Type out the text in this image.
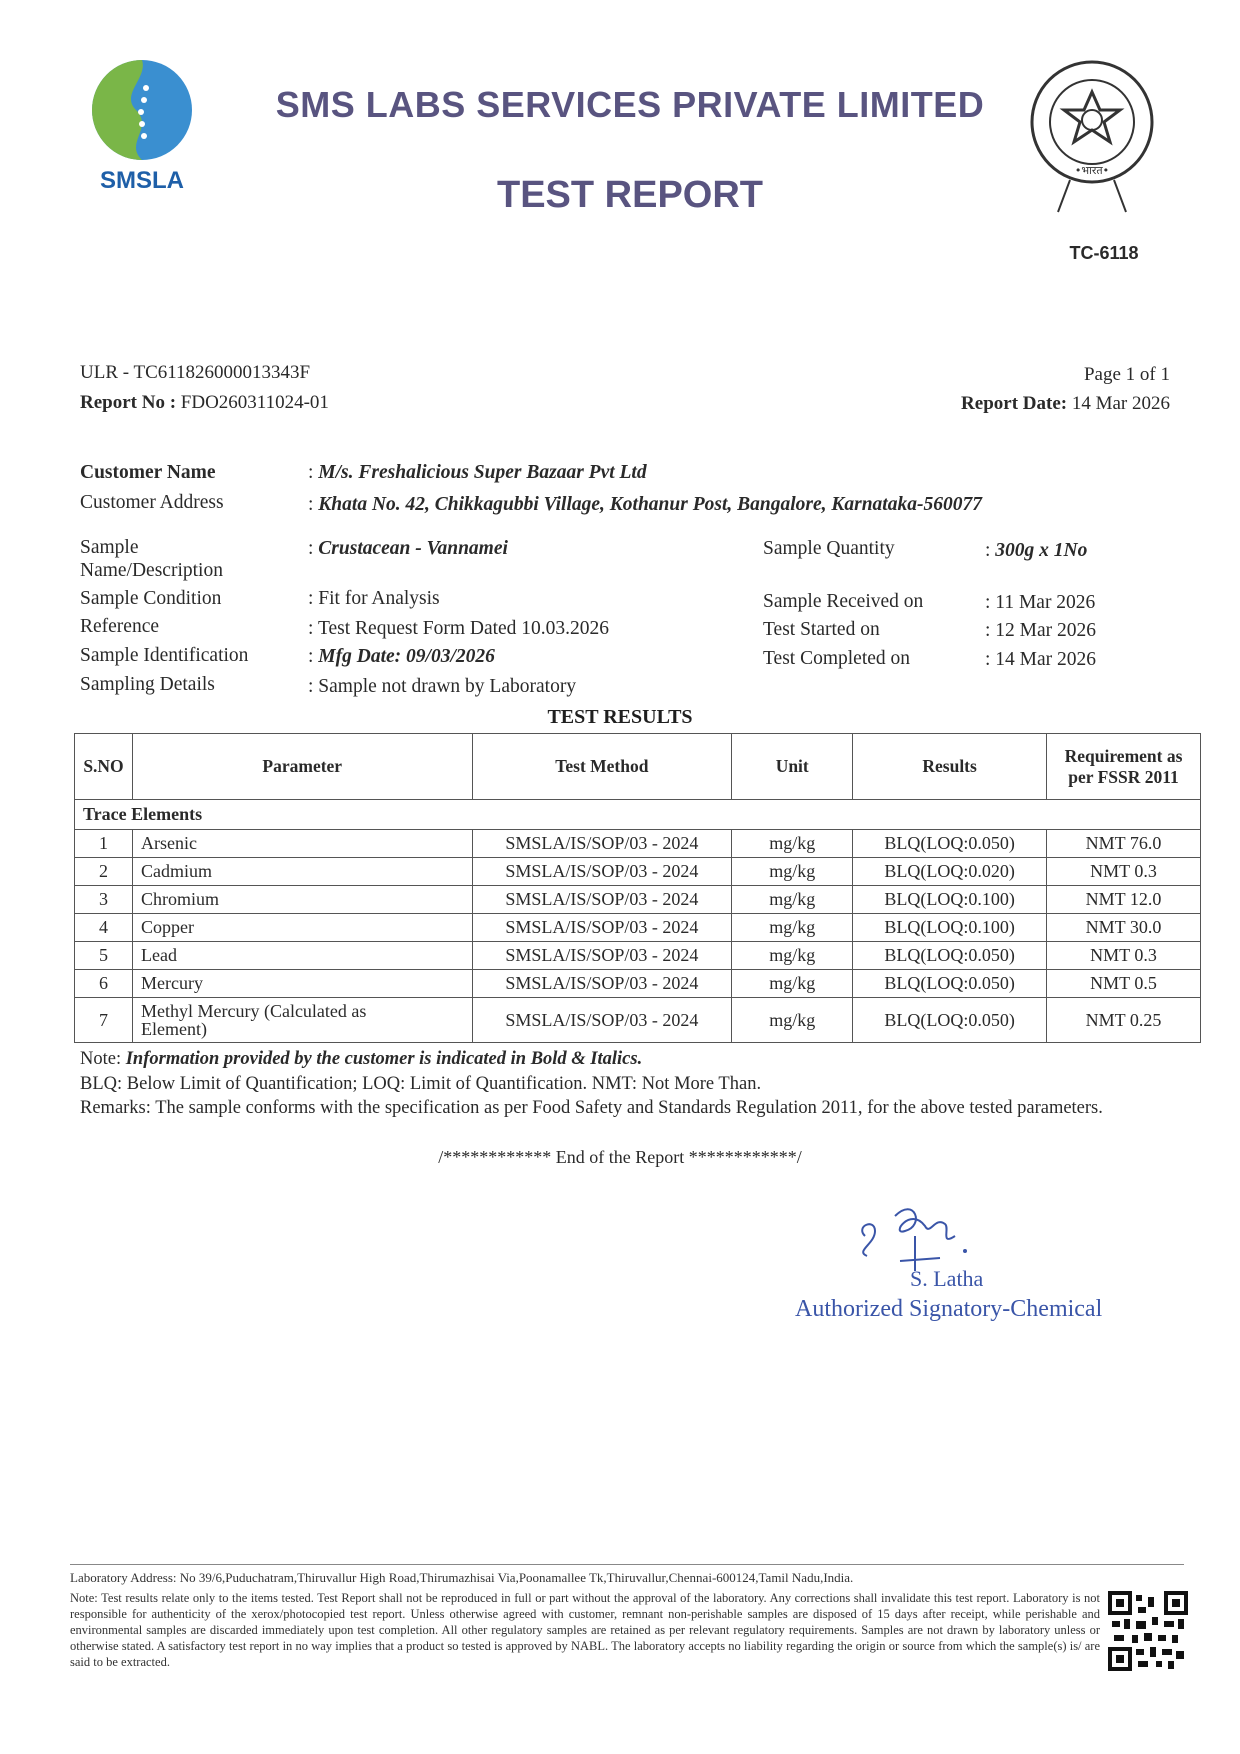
SMSLA
SMS LABS SERVICES PRIVATE LIMITED
TEST REPORT
•भारत•
TC-6118
ULR - TC611826000013343F
Report No : FDO260311024-01
Page 1 of 1
Report Date: 14 Mar 2026
Customer Name	: M/s. Freshalicious Super Bazaar Pvt Ltd
Customer Address	: Khata No. 42, Chikkagubbi Village, Kothanur Post, Bangalore, Karnataka-560077
Sample
Name/Description
: Crustacean - Vannamei	Sample Quantity	: 300g x 1No
Sample Condition	: Fit for Analysis	Sample Received on	: 11 Mar 2026
Reference	: Test Request Form Dated 10.03.2026	Test Started on	: 12 Mar 2026
Sample Identification	: Mfg Date: 09/03/2026	Test Completed on	: 14 Mar 2026
Sampling Details	: Sample not drawn by Laboratory
TEST RESULTS
S.NO	Parameter	Test Method	Unit	Results	Requirement as per FSSR 2011
Trace Elements					
1	Arsenic	SMSLA/IS/SOP/03 - 2024	mg/kg	BLQ(LOQ:0.050)	NMT 76.0
2	Cadmium	SMSLA/IS/SOP/03 - 2024	mg/kg	BLQ(LOQ:0.020)	NMT 0.3
3	Chromium	SMSLA/IS/SOP/03 - 2024	mg/kg	BLQ(LOQ:0.100)	NMT 12.0
4	Copper	SMSLA/IS/SOP/03 - 2024	mg/kg	BLQ(LOQ:0.100)	NMT 30.0
5	Lead	SMSLA/IS/SOP/03 - 2024	mg/kg	BLQ(LOQ:0.050)	NMT 0.3
6	Mercury	SMSLA/IS/SOP/03 - 2024	mg/kg	BLQ(LOQ:0.050)	NMT 0.5
7	Methyl Mercury (Calculated as
Element)	SMSLA/IS/SOP/03 - 2024	mg/kg	BLQ(LOQ:0.050)	NMT 0.25
Note: Information provided by the customer is indicated in Bold & Italics.
BLQ: Below Limit of Quantification; LOQ: Limit of Quantification. NMT: Not More Than.
Remarks: The sample conforms with the specification as per Food Safety and Standards Regulation 2011, for the above tested parameters.
/************ End of the Report ************/
S. Latha
Authorized Signatory-Chemical
Laboratory Address: No 39/6,Puduchatram,Thiruvallur High Road,Thirumazhisai Via,Poonamallee Tk,Thiruvallur,Chennai-600124,Tamil Nadu,India.
Note: Test results relate only to the items tested. Test Report shall not be reproduced in full or part without the approval of the laboratory. Any corrections shall invalidate this test report. Laboratory is not responsible for authenticity of the xerox/photocopied test report. Unless otherwise agreed with customer, remnant non-perishable samples are disposed of 15 days after receipt, while perishable and environmental samples are discarded immediately upon test completion. All other regulatory samples are retained as per relevant regulatory requirements. Samples are not drawn by laboratory unless or otherwise stated. A satisfactory test report in no way implies that a product so tested is approved by NABL. The laboratory accepts no liability regarding the origin or source from which the sample(s) is/ are said to be extracted.
